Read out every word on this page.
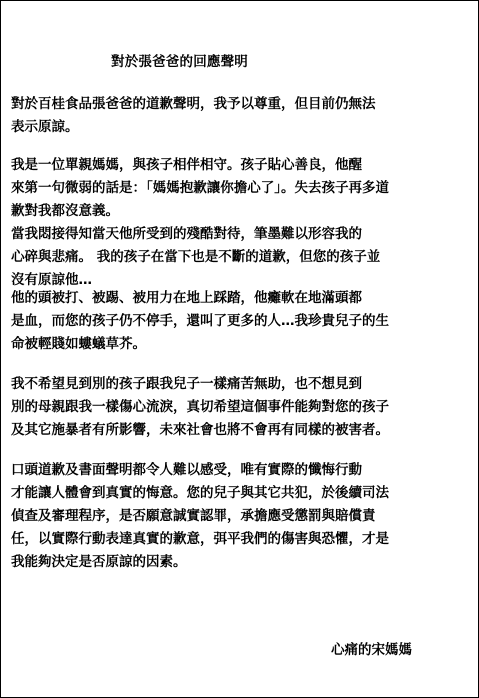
對於張爸爸的回應聲明
對於百桂食品張爸爸的道歉聲明，我予以尊重，但目前仍無法
表示原諒。
我是一位單親媽媽，與孩子相伴相守。孩子貼心善良，他醒
來第一句微弱的話是：「媽媽抱歉讓你擔心了」。失去孩子再多道
歉對我都沒意義。
當我悶接得知當天他所受到的殘酷對待，筆墨難以形容我的
心碎與悲痛。 我的孩子在當下也是不斷的道歉，但您的孩子並
沒有原諒他…
他的頭被打、被踢、被用力在地上踩踏，他癱軟在地滿頭都
是血，而您的孩子仍不停手，還叫了更多的人…我珍貴兒子的生
命被輕賤如螻蟻草芥。
我不希望見到別的孩子跟我兒子一樣痛苦無助，也不想見到
別的母親跟我一樣傷心流淚，真切希望這個事件能夠對您的孩子
及其它施暴者有所影響，未來社會也將不會再有同樣的被害者。
口頭道歉及書面聲明都令人難以感受，唯有實際的懺悔行動
才能讓人體會到真實的悔意。您的兒子與其它共犯，於後續司法
偵查及審理程序，是否願意誠實認罪，承擔應受懲罰與賠償責
任，以實際行動表達真實的歉意，弭平我們的傷害與恐懼，才是
我能夠決定是否原諒的因素。
心痛的宋媽媽
